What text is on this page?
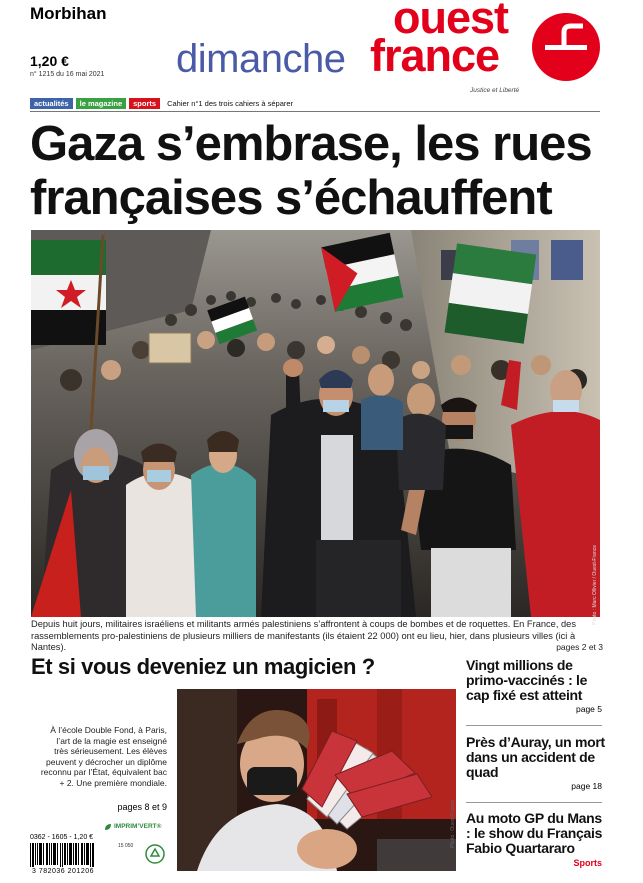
Morbihan
1,20 €
n° 1215 du 16 mai 2021 dimanche
ouest
france
Justice et Liberté
actualités	le magazine	sports	Cahier n°1 des trois cahiers à séparer
Gaza s’embrase, les rues
françaises s’échauffent
Photo : Marc Ollivier / Ouest-France
Depuis huit jours, militaires israéliens et militants armés palestiniens s’affrontent à coups de bombes et de roquettes. En France, des rassemblements pro-palestiniens de plusieurs milliers de manifestants (ils étaient 22 000) ont eu lieu, hier, dans plusieurs villes (ici à Nantes).	pages 2 et 3
Et si vous deveniez un magicien ?
À l’école Double Fond, à Paris, l’art de la magie est enseigné très sérieusement. Les élèves peuvent y décrocher un diplôme reconnu par l’État, équivalent bac + 2. Une première mondiale.
pages 8 et 9	Photo : Ouest-France
0362 - 1605 - 1,20 €
3 782036 201206
IMPRIM’VERT®
15 050
Vingt millions de primo-vaccinés : le cap fixé est atteint
page 5
Près d’Auray, un mort dans un accident de quad
page 18
Au moto GP du Mans : le show du Français Fabio Quartararo
Sports
